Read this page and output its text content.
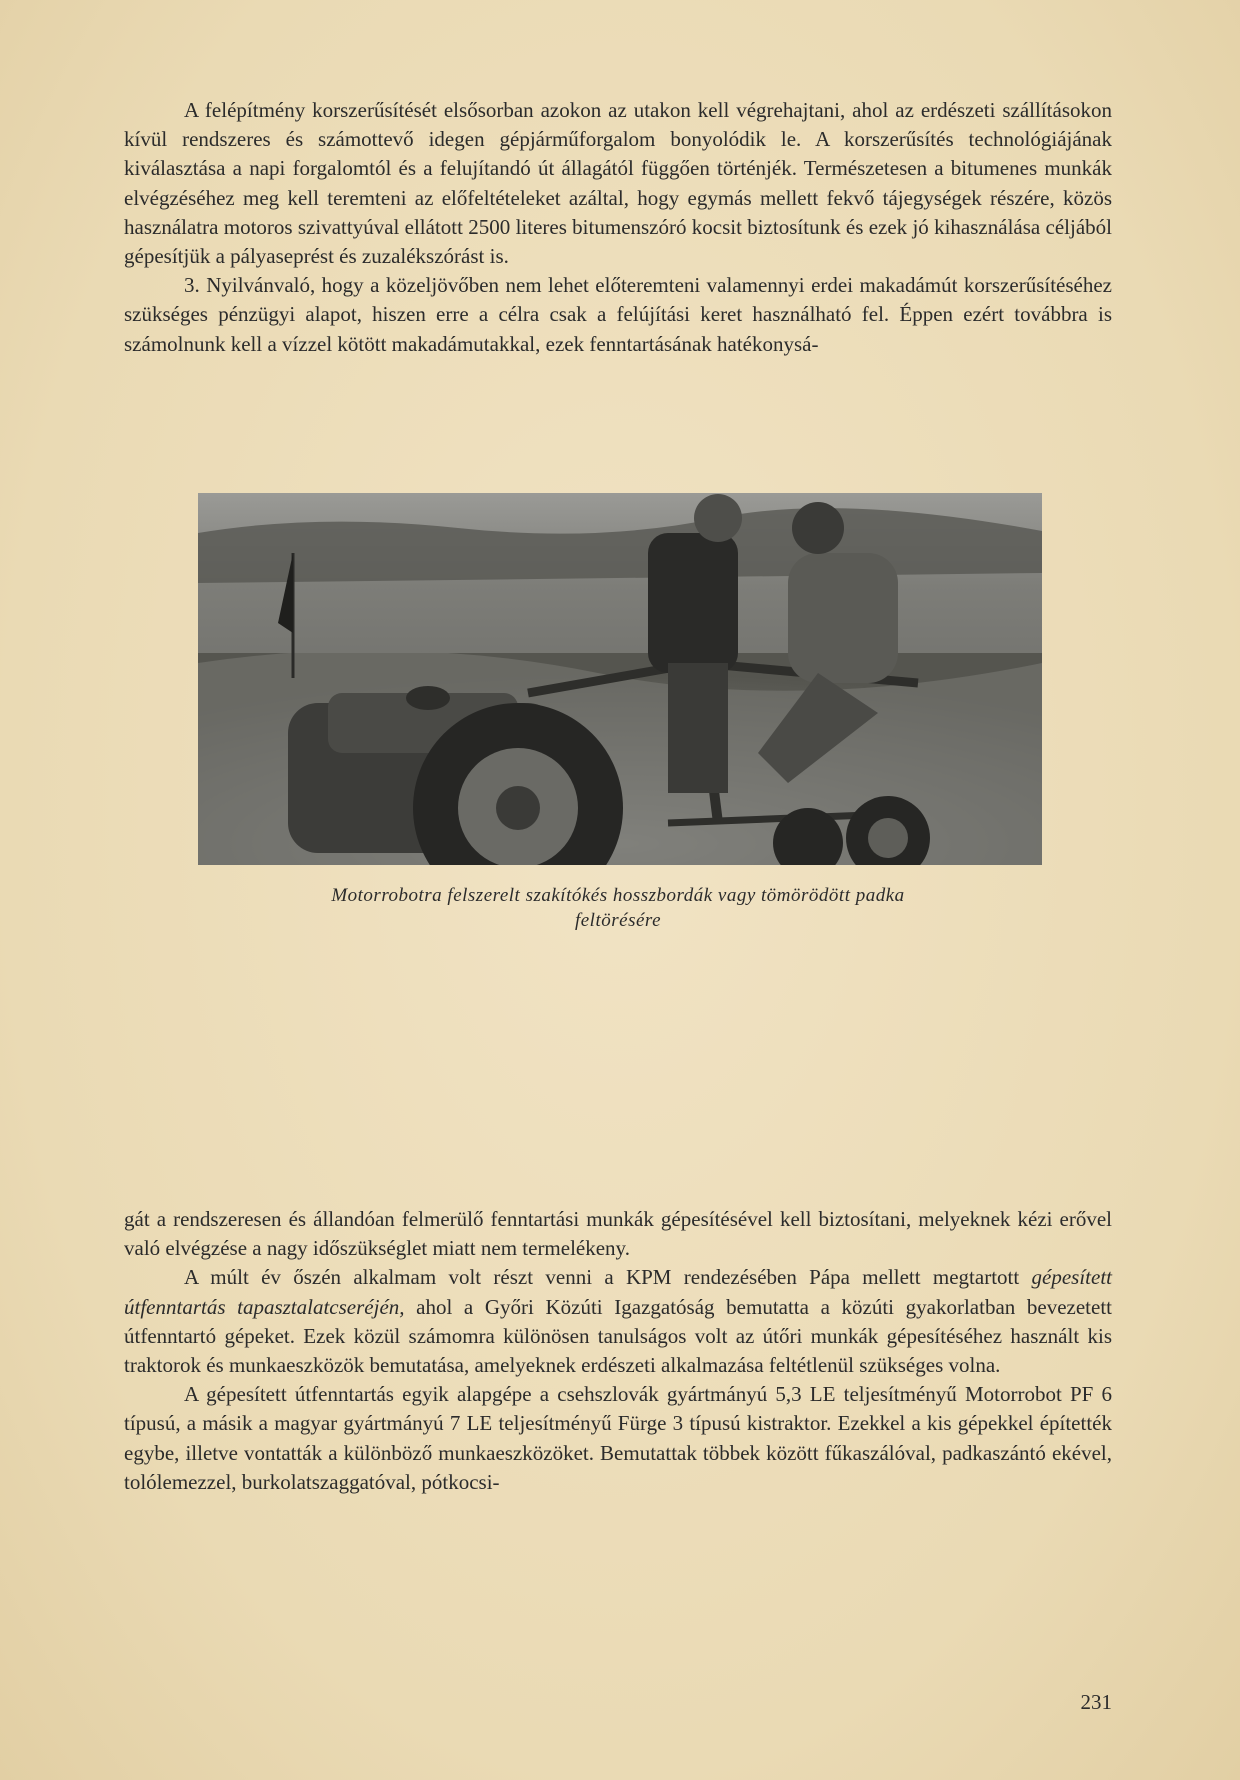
A felépítmény korszerűsítését elsősorban azokon az utakon kell végrehajtani, ahol az erdészeti szállításokon kívül rendszeres és számottevő idegen gépjárműforgalom bonyolódik le. A korszerűsítés technológiájának kiválasztása a napi forgalomtól és a felujítandó út állagától függően történjék. Természetesen a bitumenes munkák elvégzéséhez meg kell teremteni az előfeltételeket azáltal, hogy egymás mellett fekvő tájegységek részére, közös használatra motoros szivattyúval ellátott 2500 literes bitumenszóró kocsit biztosítunk és ezek jó kihasználása céljából gépesítjük a pályaseprést és zuzalékszórást is.

3. Nyilvánvaló, hogy a közeljövőben nem lehet előteremteni valamennyi erdei makadámút korszerűsítéséhez szükséges pénzügyi alapot, hiszen erre a célra csak a felújítási keret használható fel. Éppen ezért továbbra is számolnunk kell a vízzel kötött makadámutakkal, ezek fenntartásának hatékonysá-

Motorrobotra felszerelt szakítókés hosszbordák vagy tömörödött padka
feltörésére

gát a rendszeresen és állandóan felmerülő fenntartási munkák gépesítésével kell biztosítani, melyeknek kézi erővel való elvégzése a nagy időszükséglet miatt nem termelékeny.

A múlt év őszén alkalmam volt részt venni a KPM rendezésében Pápa mellett megtartott gépesített útfenntartás tapasztalatcseréjén, ahol a Győri Közúti Igazgatóság bemutatta a közúti gyakorlatban bevezetett útfenntartó gépeket. Ezek közül számomra különösen tanulságos volt az útőri munkák gépesítéséhez használt kis traktorok és munkaeszközök bemutatása, amelyeknek erdészeti alkalmazása feltétlenül szükséges volna.

A gépesített útfenntartás egyik alapgépe a csehszlovák gyártmányú 5,3 LE teljesítményű Motorrobot PF 6 típusú, a másik a magyar gyártmányú 7 LE teljesítményű Fürge 3 típusú kistraktor. Ezekkel a kis gépekkel építették egybe, illetve vontatták a különböző munkaeszközöket. Bemutattak többek között fűkaszálóval, padkaszántó ekével, tolólemezzel, burkolatszaggatóval, pótkocsi-

231
